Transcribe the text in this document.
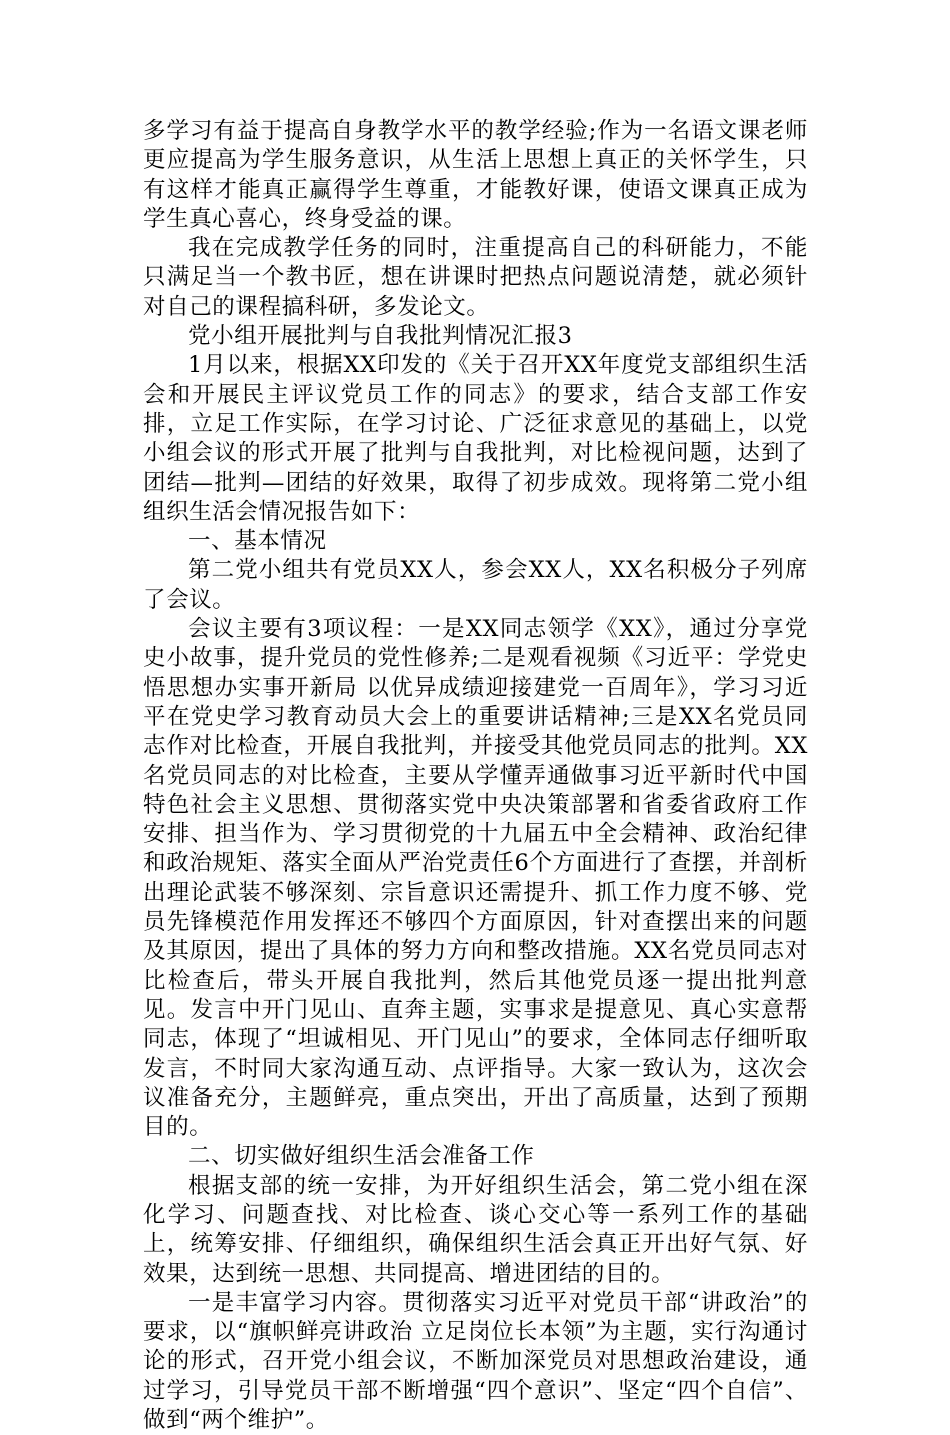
多学习有益于提高自身教学水平的教学经验;作为一名语文课老师更应提高为学生服务意识，从生活上思想上真正的关怀学生，只有这样才能真正赢得学生尊重，才能教好课，使语文课真正成为学生真心喜心，终身受益的课。

我在完成教学任务的同时，注重提高自己的科研能力，不能只满足当一个教书匠，想在讲课时把热点问题说清楚，就必须针对自己的课程搞科研，多发论文。

党小组开展批判与自我批判情况汇报3

1月以来，根据XX印发的《关于召开XX年度党支部组织生活会和开展民主评议党员工作的同志》的要求，结合支部工作安排，立足工作实际，在学习讨论、广泛征求意见的基础上，以党小组会议的形式开展了批判与自我批判，对比检视问题，达到了团结—批判—团结的好效果，取得了初步成效。现将第二党小组组织生活会情况报告如下：

一、基本情况

第二党小组共有党员XX人，参会XX人，XX名积极分子列席了会议。

会议主要有3项议程：一是XX同志领学《XX》，通过分享党史小故事，提升党员的党性修养;二是观看视频《习近平：学党史悟思想办实事开新局 以优异成绩迎接建党一百周年》，学习习近平在党史学习教育动员大会上的重要讲话精神;三是XX名党员同志作对比检查，开展自我批判，并接受其他党员同志的批判。XX名党员同志的对比检查，主要从学懂弄通做事习近平新时代中国特色社会主义思想、贯彻落实党中央决策部署和省委省政府工作安排、担当作为、学习贯彻党的十九届五中全会精神、政治纪律和政治规矩、落实全面从严治党责任6个方面进行了查摆，并剖析出理论武装不够深刻、宗旨意识还需提升、抓工作力度不够、党员先锋模范作用发挥还不够四个方面原因，针对查摆出来的问题及其原因，提出了具体的努力方向和整改措施。XX名党员同志对比检查后，带头开展自我批判，然后其他党员逐一提出批判意见。发言中开门见山、直奔主题，实事求是提意见、真心实意帮同志，体现了“坦诚相见、开门见山”的要求，全体同志仔细听取发言，不时同大家沟通互动、点评指导。大家一致认为，这次会议准备充分，主题鲜亮，重点突出，开出了高质量，达到了预期目的。

二、切实做好组织生活会准备工作

根据支部的统一安排，为开好组织生活会，第二党小组在深化学习、问题查找、对比检查、谈心交心等一系列工作的基础上，统筹安排、仔细组织，确保组织生活会真正开出好气氛、好效果，达到统一思想、共同提高、增进团结的目的。

一是丰富学习内容。贯彻落实习近平对党员干部“讲政治”的要求，以“旗帜鲜亮讲政治 立足岗位长本领”为主题，实行沟通讨论的形式，召开党小组会议，不断加深党员对思想政治建设，通过学习，引导党员干部不断增强“四个意识”、坚定“四个自信”、做到“两个维护”。
